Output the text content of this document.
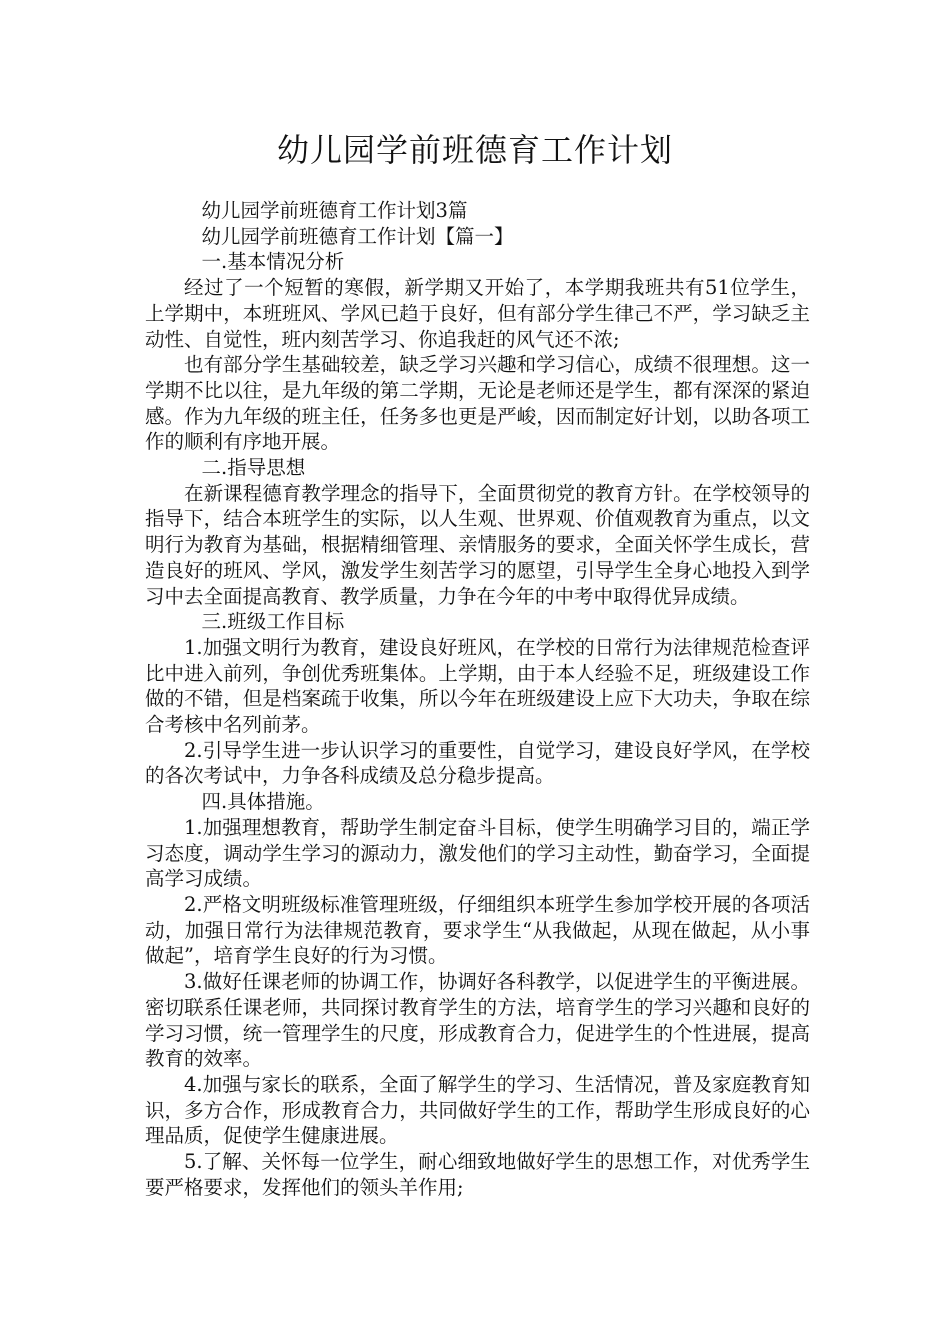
幼儿园学前班德育工作计划

幼儿园学前班德育工作计划3篇

幼儿园学前班德育工作计划【篇一】

一.基本情况分析

经过了一个短暂的寒假，新学期又开始了，本学期我班共有51位学生，上学期中，本班班风、学风已趋于良好，但有部分学生律己不严，学习缺乏主动性、自觉性，班内刻苦学习、你追我赶的风气还不浓;

也有部分学生基础较差，缺乏学习兴趣和学习信心，成绩不很理想。这一学期不比以往，是九年级的第二学期，无论是老师还是学生，都有深深的紧迫感。作为九年级的班主任，任务多也更是严峻，因而制定好计划，以助各项工作的顺利有序地开展。

二.指导思想

在新课程德育教学理念的指导下，全面贯彻党的教育方针。在学校领导的指导下，结合本班学生的实际，以人生观、世界观、价值观教育为重点，以文明行为教育为基础，根据精细管理、亲情服务的要求，全面关怀学生成长，营造良好的班风、学风，激发学生刻苦学习的愿望，引导学生全身心地投入到学习中去全面提高教育、教学质量，力争在今年的中考中取得优异成绩。

三.班级工作目标

1.加强文明行为教育，建设良好班风，在学校的日常行为法律规范检查评比中进入前列，争创优秀班集体。上学期，由于本人经验不足，班级建设工作做的不错，但是档案疏于收集，所以今年在班级建设上应下大功夫，争取在综合考核中名列前茅。

2.引导学生进一步认识学习的重要性，自觉学习，建设良好学风，在学校的各次考试中，力争各科成绩及总分稳步提高。

四.具体措施。

1.加强理想教育，帮助学生制定奋斗目标，使学生明确学习目的，端正学习态度，调动学生学习的源动力，激发他们的学习主动性，勤奋学习，全面提高学习成绩。

2.严格文明班级标准管理班级，仔细组织本班学生参加学校开展的各项活动，加强日常行为法律规范教育，要求学生“从我做起，从现在做起，从小事做起”，培育学生良好的行为习惯。

3.做好任课老师的协调工作，协调好各科教学，以促进学生的平衡进展。密切联系任课老师，共同探讨教育学生的方法，培育学生的学习兴趣和良好的学习习惯，统一管理学生的尺度，形成教育合力，促进学生的个性进展，提高教育的效率。

4.加强与家长的联系，全面了解学生的学习、生活情况，普及家庭教育知识，多方合作，形成教育合力，共同做好学生的工作，帮助学生形成良好的心理品质，促使学生健康进展。

5.了解、关怀每一位学生，耐心细致地做好学生的思想工作，对优秀学生要严格要求，发挥他们的领头羊作用;
